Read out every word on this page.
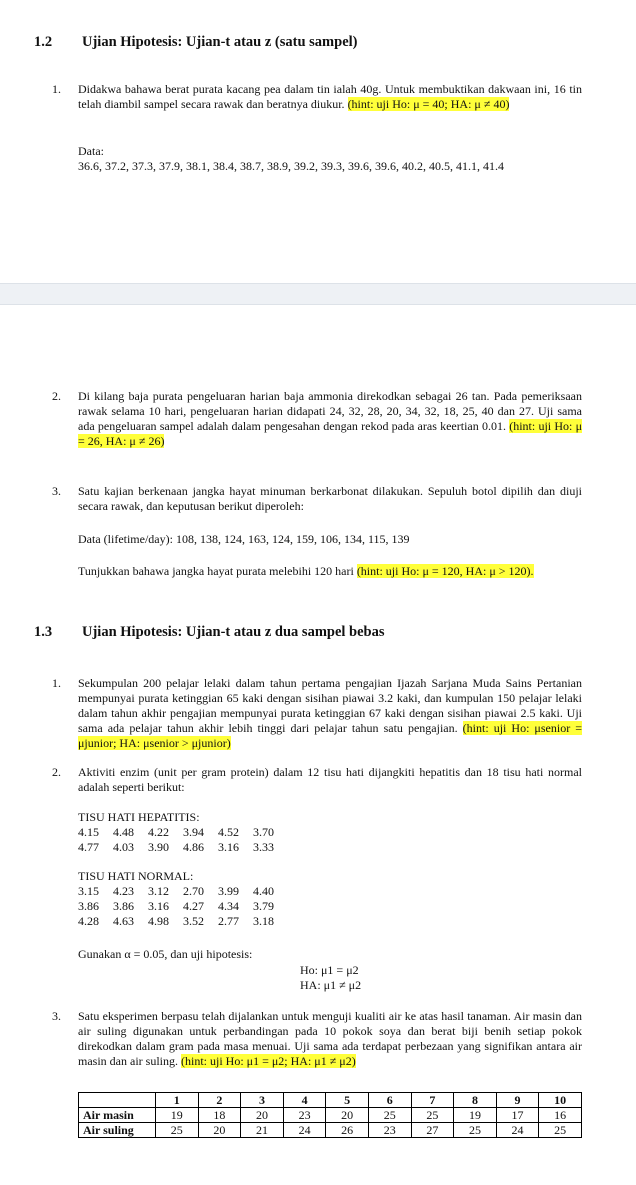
1.2 Ujian Hipotesis: Ujian-t atau z (satu sampel)
1. Didakwa bahawa berat purata kacang pea dalam tin ialah 40g. Untuk membuktikan dakwaan ini, 16 tin telah diambil sampel secara rawak dan beratnya diukur. (hint: uji Ho: μ = 40; HA: μ ≠ 40)
Data:
36.6, 37.2, 37.3, 37.9, 38.1, 38.4, 38.7, 38.9, 39.2, 39.3, 39.6, 39.6, 40.2, 40.5, 41.1, 41.4
2. Di kilang baja purata pengeluaran harian baja ammonia direkodkan sebagai 26 tan. Pada pemeriksaan rawak selama 10 hari, pengeluaran harian didapati 24, 32, 28, 20, 34, 32, 18, 25, 40 dan 27. Uji sama ada pengeluaran sampel adalah dalam pengesahan dengan rekod pada aras keertian 0.01. (hint: uji Ho: μ = 26, HA: μ ≠ 26)
3. Satu kajian berkenaan jangka hayat minuman berkarbonat dilakukan. Sepuluh botol dipilih dan diuji secara rawak, dan keputusan berikut diperoleh:
Data (lifetime/day): 108, 138, 124, 163, 124, 159, 106, 134, 115, 139
Tunjukkan bahawa jangka hayat purata melebihi 120 hari (hint: uji Ho: μ = 120, HA: μ > 120).
1.3 Ujian Hipotesis: Ujian-t atau z dua sampel bebas
1. Sekumpulan 200 pelajar lelaki dalam tahun pertama pengajian Ijazah Sarjana Muda Sains Pertanian mempunyai purata ketinggian 65 kaki dengan sisihan piawai 3.2 kaki, dan kumpulan 150 pelajar lelaki dalam tahun akhir pengajian mempunyai purata ketinggian 67 kaki dengan sisihan piawai 2.5 kaki. Uji sama ada pelajar tahun akhir lebih tinggi dari pelajar tahun satu pengajian. (hint: uji Ho: μsenior = μjunior; HA: μsenior > μjunior)
2. Aktiviti enzim (unit per gram protein) dalam 12 tisu hati dijangkiti hepatitis dan 18 tisu hati normal adalah seperti berikut:
TISU HATI HEPATITIS:
4.15	4.48	4.22	3.94	4.52	3.70
4.77	4.03	3.90	4.86	3.16	3.33
TISU HATI NORMAL:
3.15	4.23	3.12	2.70	3.99	4.40
3.86	3.86	3.16	4.27	4.34	3.79
4.28	4.63	4.98	3.52	2.77	3.18
Gunakan α = 0.05, dan uji hipotesis:
Ho: μ1 = μ2
HA: μ1 ≠ μ2
3. Satu eksperimen berpasu telah dijalankan untuk menguji kualiti air ke atas hasil tanaman. Air masin dan air suling digunakan untuk perbandingan pada 10 pokok soya dan berat biji benih setiap pokok direkodkan dalam gram pada masa menuai. Uji sama ada terdapat perbezaan yang signifikan antara air masin dan air suling. (hint: uji Ho: μ1 = μ2; HA: μ1 ≠ μ2)
	1	2	3	4	5	6	7	8	9	10
Air masin	19	18	20	23	20	25	25	19	17	16
Air suling	25	20	21	24	26	23	27	25	24	25
